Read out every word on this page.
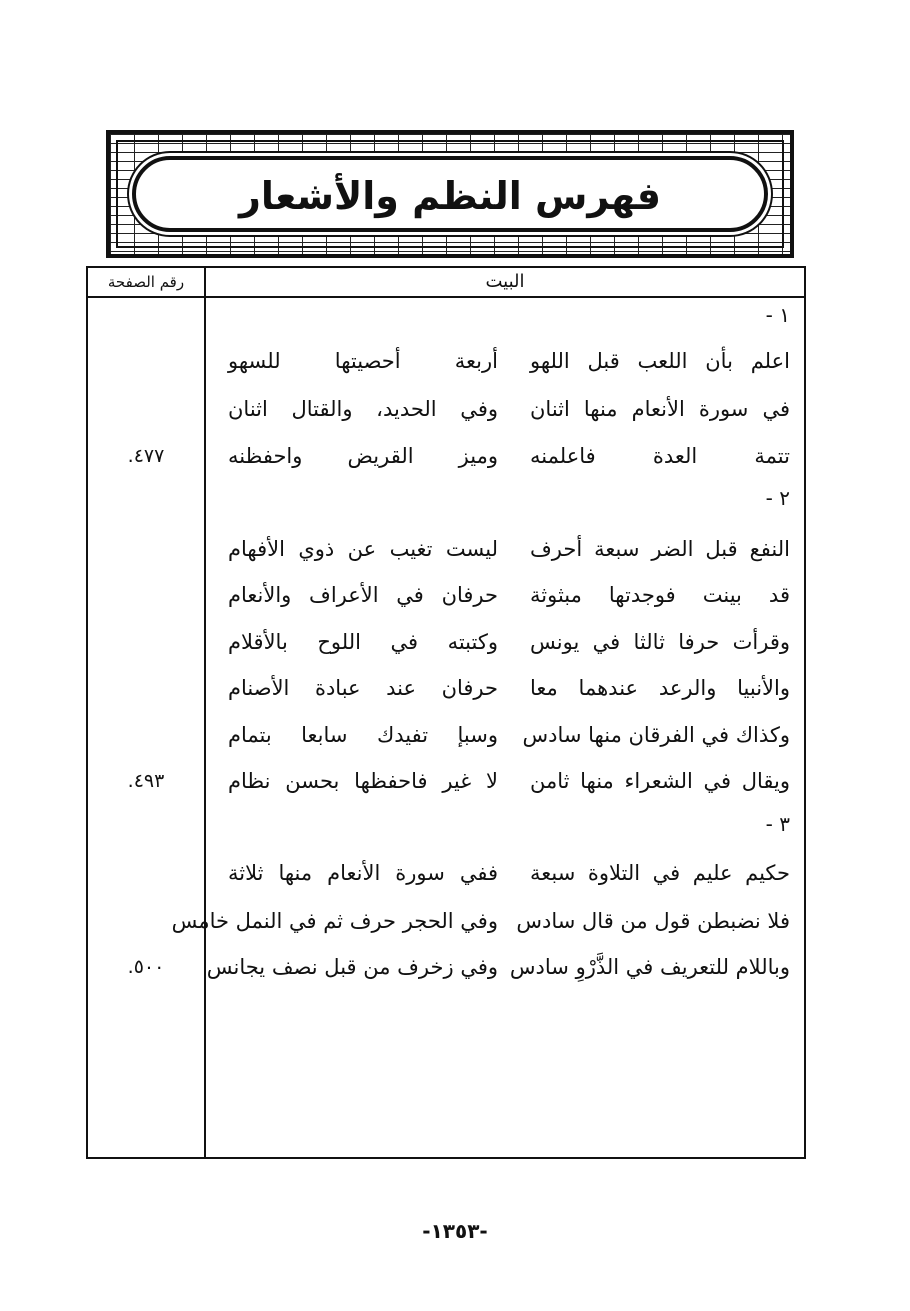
فهرس النظم والأشعار
البيت
رقم الصفحة
١ -
اعلم بأن اللعب قبل اللهو
أربعة أحصيتها للسهو
في سورة الأنعام منها اثنان
وفي الحديد، والقتال اثنان
تتمة العدة فاعلمنه
وميز القريض واحفظنه
٤٧٧.
٢ -
النفع قبل الضر سبعة أحرف
ليست تغيب عن ذوي الأفهام
قد بينت فوجدتها مبثوثة
حرفان في الأعراف والأنعام
وقرأت حرفا ثالثا في يونس
وكتبته في اللوح بالأقلام
والأنبيا والرعد عندهما معا
حرفان عند عبادة الأصنام
وكذاك في الفرقان منها سادس
وسبإ تفيدك سابعا بتمام
ويقال في الشعراء منها ثامن
لا غير فاحفظها بحسن نظام
٤٩٣.
٣ -
حكيم عليم في التلاوة سبعة
ففي سورة الأنعام منها ثلاثة
فلا نضبطن قول من قال سادس
وفي الحجر حرف ثم في النمل خامس
وباللام للتعريف في الذَّرْوِ سادس
وفي زخرف من قبل نصف يجانس
٥٠٠.
-١٣٥٣-
